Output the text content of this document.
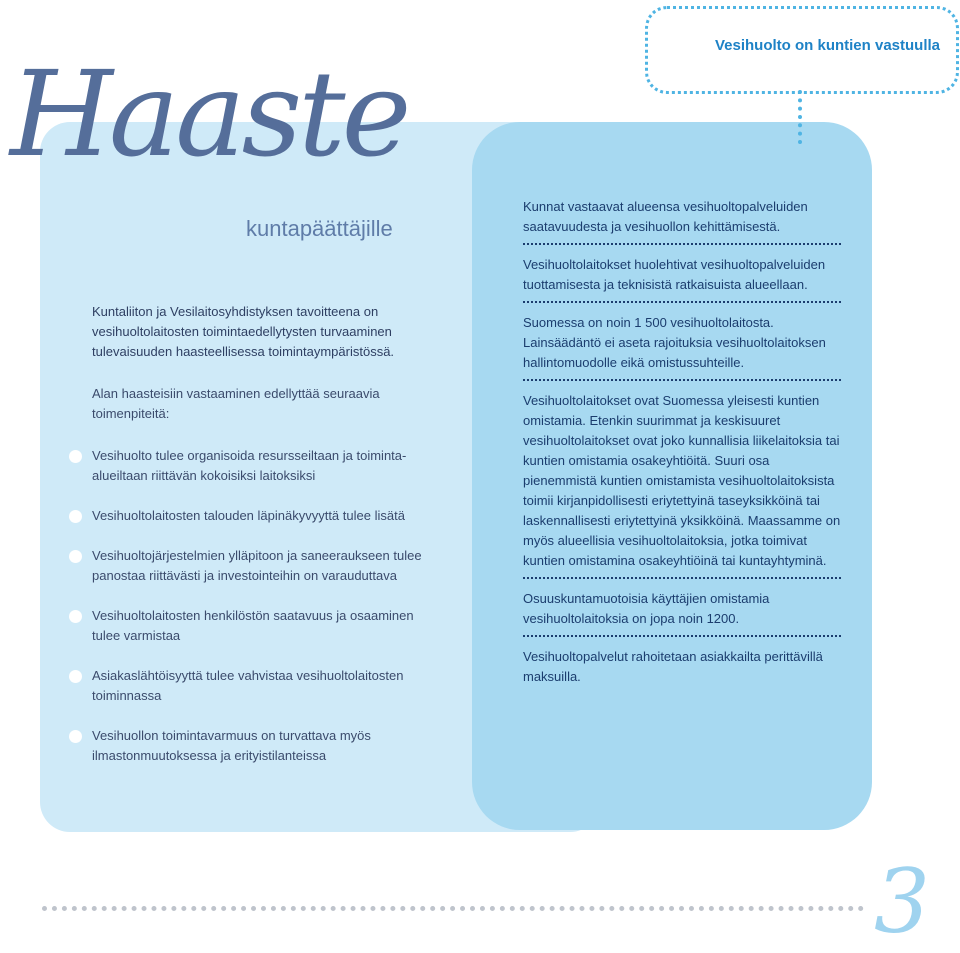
Vesihuolto on kuntien vastuulla
Haaste
kuntapäättäjille

Kuntaliiton ja Vesilaitosyhdistyksen tavoitteena on vesihuoltolaitosten toimintaedellytysten turvaaminen tulevaisuuden haasteellisessa toimintaympäristössä.

Alan haasteisiin vastaaminen edellyttää seuraavia toimenpiteitä:

Vesihuolto tulee organisoida resursseiltaan ja toiminta-alueiltaan riittävän kokoisiksi laitoksiksi
Vesihuoltolaitosten talouden läpinäkyvyyttä tulee lisätä
Vesihuoltojärjestelmien ylläpitoon ja saneeraukseen tulee panostaa riittävästi ja investointeihin on varauduttava
Vesihuoltolaitosten henkilöstön saatavuus ja osaaminen tulee varmistaa
Asiakaslähtöisyyttä tulee vahvistaa vesihuoltolaitosten toiminnassa
Vesihuollon toimintavarmuus on turvattava myös ilmastonmuutoksessa ja erityistilanteissa

Kunnat vastaavat alueensa vesihuoltopalveluiden saatavuudesta ja vesihuollon kehittämisestä.

Vesihuoltolaitokset huolehtivat vesihuoltopalveluiden tuottamisesta ja teknisistä ratkaisuista alueellaan.

Suomessa on noin 1 500 vesihuoltolaitosta. Lainsäädäntö ei aseta rajoituksia vesihuoltolaitoksen hallintomuodolle eikä omistussuhteille.

Vesihuoltolaitokset ovat Suomessa yleisesti kuntien omistamia. Etenkin suurimmat ja keskisuuret vesihuoltolaitokset ovat joko kunnallisia liikelaitoksia tai kuntien omistamia osakeyhtiöitä. Suuri osa pienemmistä kuntien omistamista vesihuoltolaitoksista toimii kirjanpidollisesti eriytettyinä taseyksikköinä tai laskennallisesti eriytettyinä yksikköinä. Maassamme on myös alueellisia vesihuoltolaitoksia, jotka toimivat kuntien omistamina osakeyhtiöinä tai kuntayhtyminä.

Osuuskuntamuotoisia käyttäjien omistamia vesihuoltolaitoksia on jopa noin 1200.

Vesihuoltopalvelut rahoitetaan asiakkailta perittävillä maksuilla.

3
